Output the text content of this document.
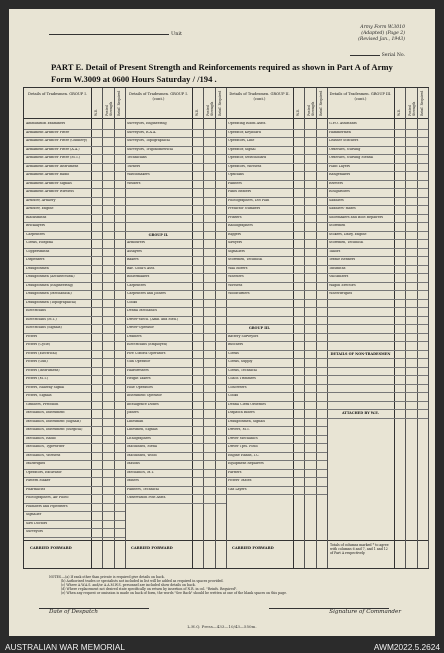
Unit
Army Form W.3010
(Adapted) (Page 2)
(Revised Jan., 1943)
Serial No.
PART E. Detail of Present Strength and Reinforcements required as shown in Part A of Army Form W.3009 at 0600 Hours Saturday / /194 .
W.E. Posted Strength Reinf. Required
Details of Tradesmen. GROUP I.
Ammunition Examiners
Armament Artificer Fitter
Armament Artificer Fitter (Gunnery)
Armament Artificer Fitter (A.A.)
Armament Artificer Fitter (M.T.)
Armament Artificer Instrument
Armament Artificer Radio
Armament Artificer Signals
Armament Artificer Wireless
Artificer, Artillery
Artificer, Engine
Blacksmiths
Bricklayers
Carpenters
Clerks, Hospital
Coppersmiths
Dispensers
Draughtsmen
Draughtsmen (Architectural)
Draughtsmen (Engineering)
Draughtsmen (Mechanical)
Draughtsmen (Topographical)
Electricians
Electricians (M.T.)
Electricians (Signals)
Fitters
Fitters (Cycle)
Fitters (Electrical)
Fitters (Gun)
Fitters (Instrument)
Fitters (M.T.)
Fitters, Railway Signal
Fitters, Signals
Grinders, Precision
Mechanics, Instrument
Mechanics, Instrument (Signals)
Mechanics, Instrument (Surgical)
Mechanics, Radio
Mechanics, Typewriter
Mechanics, Wireless
Millwrights
Operators, Excavator
Pattern Maker
Pharmacist
Photographers, Air Photo
Plumbers and Pipefitters
Signaller
Saw Doctors
Surveyors
CARRIED FORWARD
W.E. Posted Strength Reinf. Required
Details of Tradesmen. GROUP I. (cont.)
Surveyors, Engineering
Surveyors, R.A.A.
Surveyors, Topographical
Surveyors, Trigonometrical
Technicians
Turners
Watchmakers
Welders
GROUP II.
Armourers
Assayers
Bakers
Bkr. Cook's Asst.
Boilermakers
Carpenters
Carpenters and Joiners
Cooks
Dental Mechanics
Driver-Mech. (Amb. and Med.)
Driver-Operator
Drainers
Electricians (Employed)
Fire Control Operators
Gun Operator
Hairdressers
Height Takers
Hole Operators
Instrument Operator
Intelligence Duties
Joiners
Linesman
Linesmen, Signals
Lithographers
Machinists, Metal
Machinists, Wood
Masons
Mechanics, M.T.
Miners
Painters, Technical
Observation Post Assts.
CARRIED FORWARD
W.E. Posted Strength Reinf. Required
Details of Tradesmen. GROUP II. (cont.)
Operating Room Assts.
Operator, Keyboard
Operators, Line
Operator, Signal
Operator, Switchboard
Operators, Wireless
Opticians
Painters
Panel Beaters
Photographers, Dot Plan
Predictor Numbers
Printers
Radiographers
Riggers
Sawyers
Signallers
Storemen, Technical
Wall Borers
Wheelers
Wireless
Woodturners
GROUP III.
Battery Surveyors
Butchers
Clerks
Clerks, Supply
Clerks, Technical
Coach Trimmers
Concreters
Cooks
Dental Clerk Orderlies
Dispatch Riders
Draughtsmen, Signals
Drivers, M.T.
Driver Mechanics
Driver Tpts. Field
Engine Hands, I.C.
Equipment Repairers
Farriers
Fitters' Mates
Gas Layers
CARRIED FORWARD
W.E. Posted Strength Reinf. Required
Details of Tradesmen. GROUP III. (cont.)
G.P.O. Assistants
Hammermen
Leather Stitchers
Orderlies, Nursing
Orderlies, Nursing Mental
Plant Layers
Rangetakers
Riveters
Roughriders
Saddlers
Saddlers' mates
Shoemakers and Boot Repairers
Storemen
Stokers, Dairy, Engine
Storemen, Technical
Tailors
Textile Refiners
Tinsmiths
Vulcanizers
Wagon Erectors
Wheelwrights
DETAILS OF NON-TRADESMEN
ATTACHED BY W.E.
Totals of columns marked * to agree with columns 6 and 7, and 1 and 12 of Part A respectively.
NOTES.—(a) If rank other than private is required give details on back.
(b) Authorised trades or specialists not included in list will be added as required in spaces provided.
(c) Where A.W.A.S. and/or A.A.M.W.S. personnel are included show details on back.
(d) Where replacement not desired state specifically on return by insertion of N.R. in col. "Reinfs. Required".
(e) When any request or omission is made on back of form, the words "See Back" should be written at one of the blank spaces on this page.
Date of Despatch	Signature of Commander
L.H.Q. Press—433—10/43—550m.
AUSTRALIAN WAR MEMORIAL	AWM2022.5.2624
